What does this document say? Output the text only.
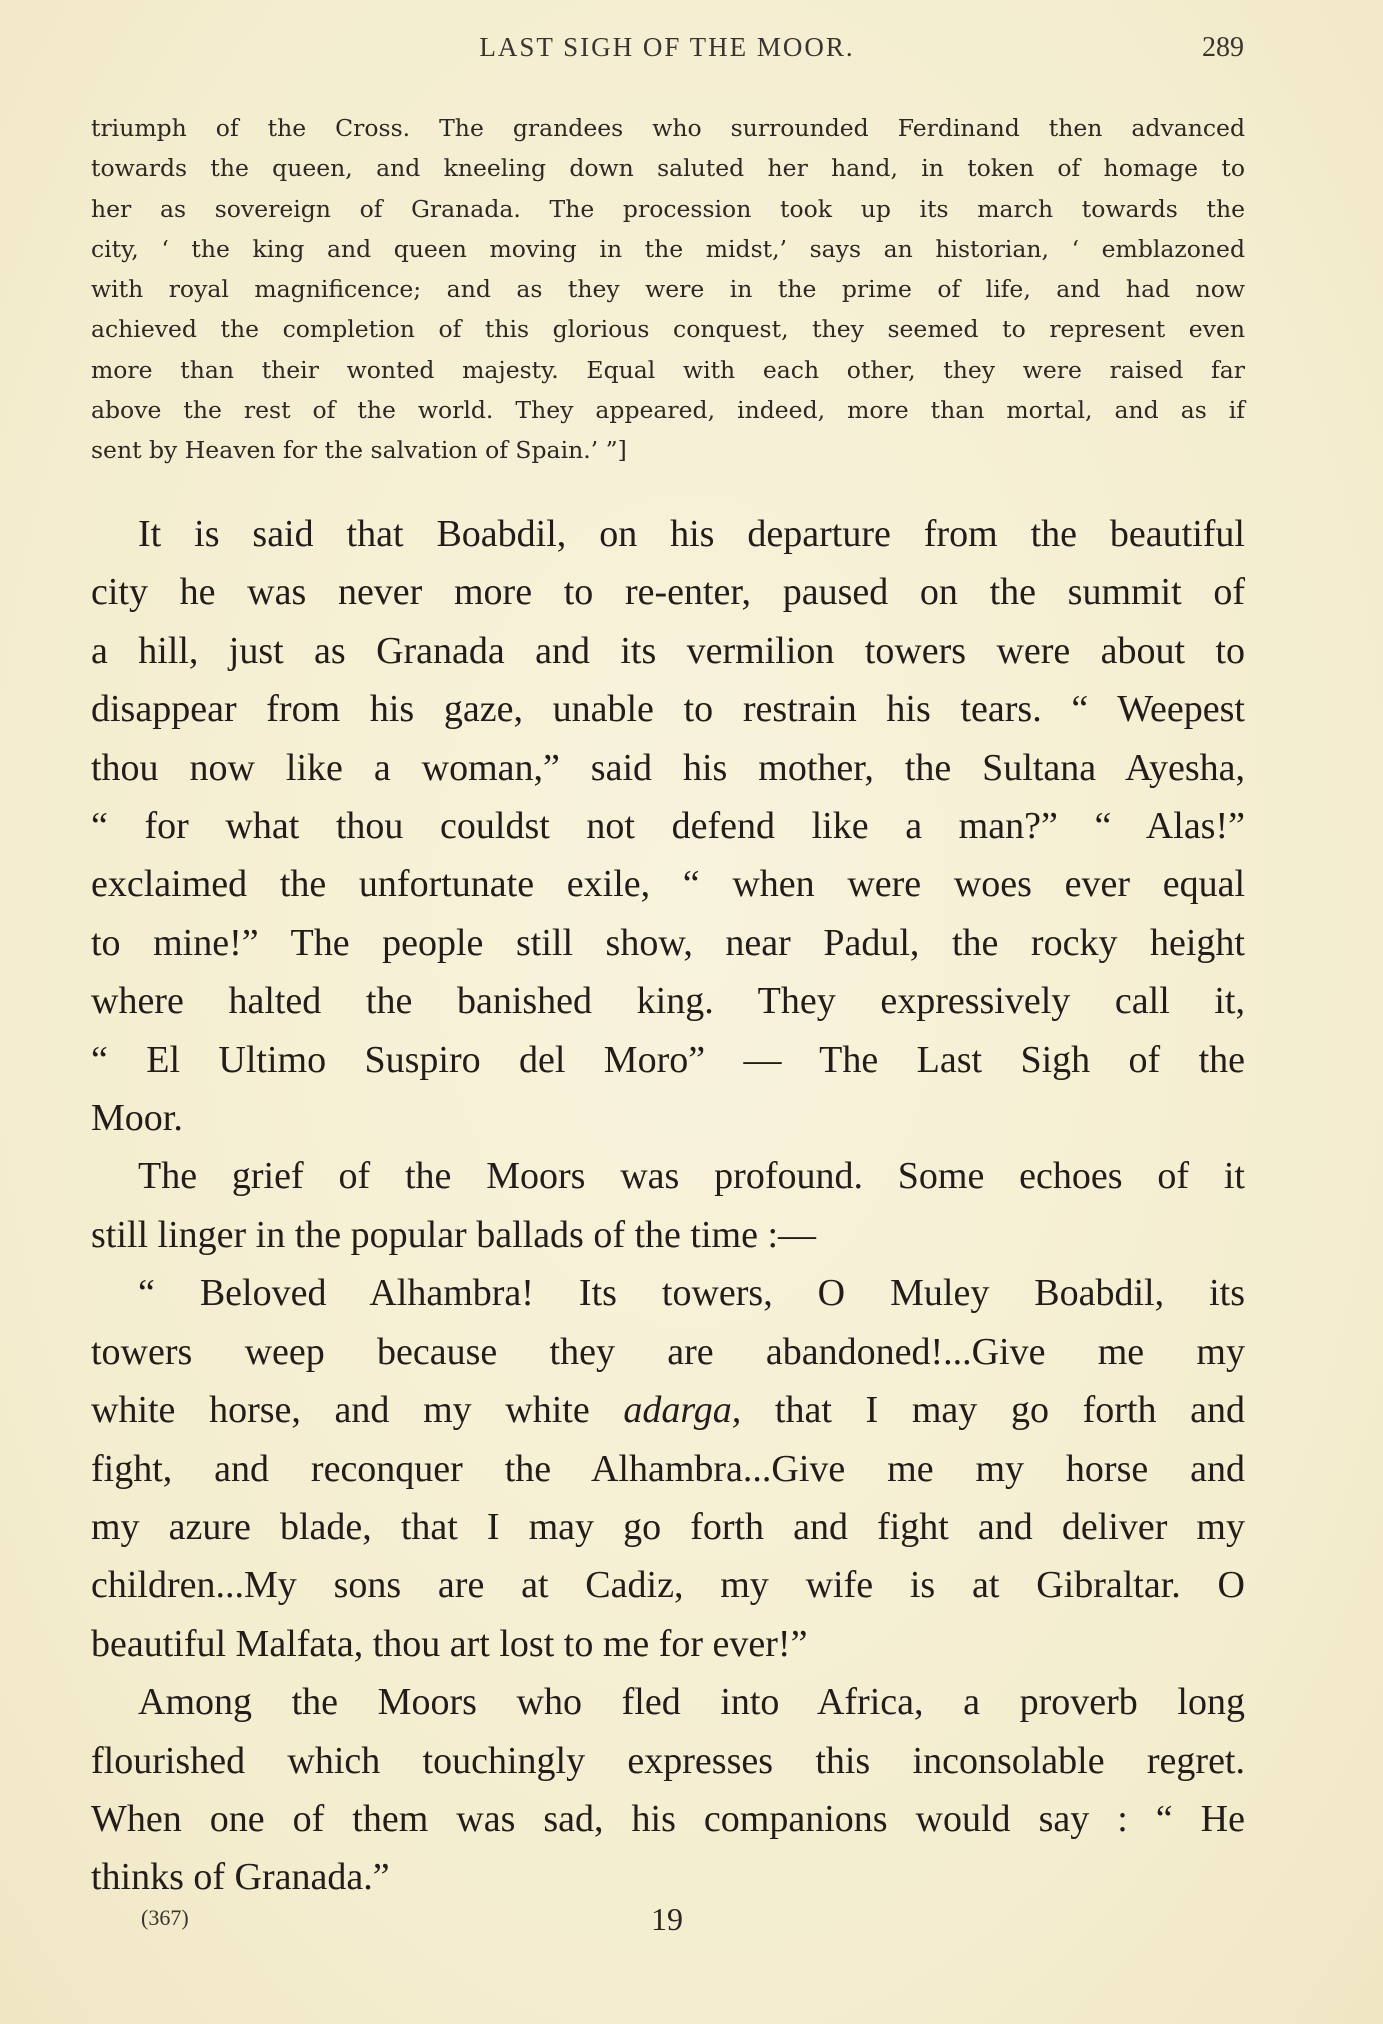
LAST SIGH OF THE MOOR.	289
triumph of the Cross. The grandees who surrounded Ferdinand then advanced
towards the queen, and kneeling down saluted her hand, in token of homage to
her as sovereign of Granada. The procession took up its march towards the
city, ‘ the king and queen moving in the midst,’ says an historian, ‘ emblazoned
with royal magnificence; and as they were in the prime of life, and had now
achieved the completion of this glorious conquest, they seemed to represent even
more than their wonted majesty. Equal with each other, they were raised far
above the rest of the world. They appeared, indeed, more than mortal, and as if
sent by Heaven for the salvation of Spain.’ ”]
It is said that Boabdil, on his departure from the beautiful
city he was never more to re-enter, paused on the summit of
a hill, just as Granada and its vermilion towers were about to
disappear from his gaze, unable to restrain his tears. “ Weepest
thou now like a woman,” said his mother, the Sultana Ayesha,
“ for what thou couldst not defend like a man?” “ Alas!”
exclaimed the unfortunate exile, “ when were woes ever equal
to mine!” The people still show, near Padul, the rocky height
where halted the banished king. They expressively call it,
“ El Ultimo Suspiro del Moro” — The Last Sigh of the
Moor.
The grief of the Moors was profound. Some echoes of it
still linger in the popular ballads of the time :—
“ Beloved Alhambra! Its towers, O Muley Boabdil, its
towers weep because they are abandoned!...Give me my
white horse, and my white adarga, that I may go forth and
fight, and reconquer the Alhambra...Give me my horse and
my azure blade, that I may go forth and fight and deliver my
children...My sons are at Cadiz, my wife is at Gibraltar. O
beautiful Malfata, thou art lost to me for ever!”
Among the Moors who fled into Africa, a proverb long
flourished which touchingly expresses this inconsolable regret.
When one of them was sad, his companions would say : “ He
thinks of Granada.”
(367)	19
